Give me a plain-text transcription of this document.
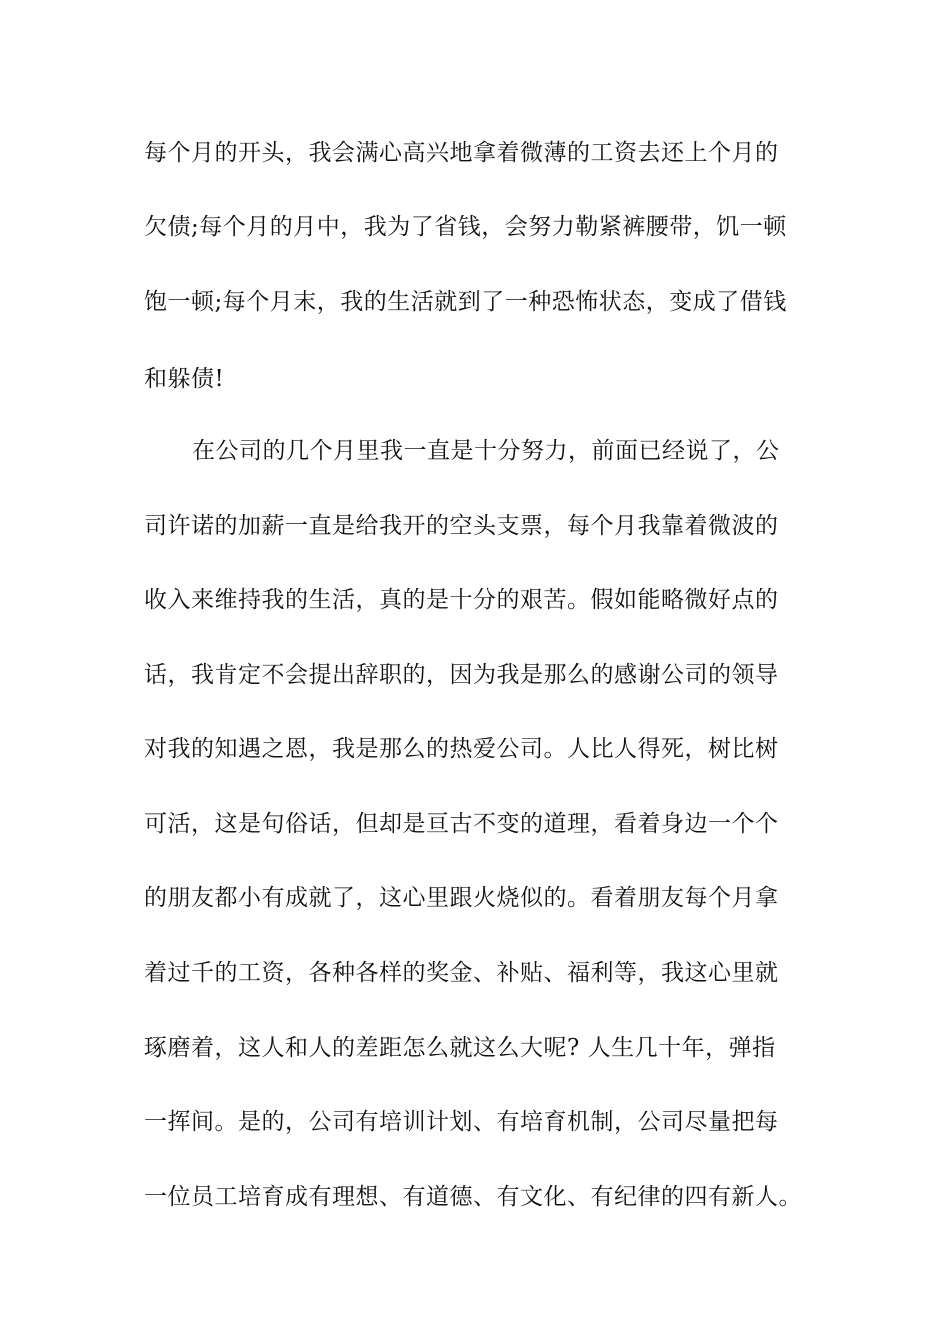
每个月的开头，我会满心高兴地拿着微薄的工资去还上个月的
欠债;每个月的月中，我为了省钱，会努力勒紧裤腰带，饥一顿
饱一顿;每个月末，我的生活就到了一种恐怖状态，变成了借钱
和躲债!
在公司的几个月里我一直是十分努力，前面已经说了，公
司许诺的加薪一直是给我开的空头支票，每个月我靠着微波的
收入来维持我的生活，真的是十分的艰苦。假如能略微好点的
话，我肯定不会提出辞职的，因为我是那么的感谢公司的领导
对我的知遇之恩，我是那么的热爱公司。人比人得死，树比树
可活，这是句俗话，但却是亘古不变的道理，看着身边一个个
的朋友都小有成就了，这心里跟火烧似的。看着朋友每个月拿
着过千的工资，各种各样的奖金、补贴、福利等，我这心里就
琢磨着，这人和人的差距怎么就这么大呢? 人生几十年，弹指
一挥间。是的，公司有培训计划、有培育机制，公司尽量把每
一位员工培育成有理想、有道德、有文化、有纪律的四有新人。
